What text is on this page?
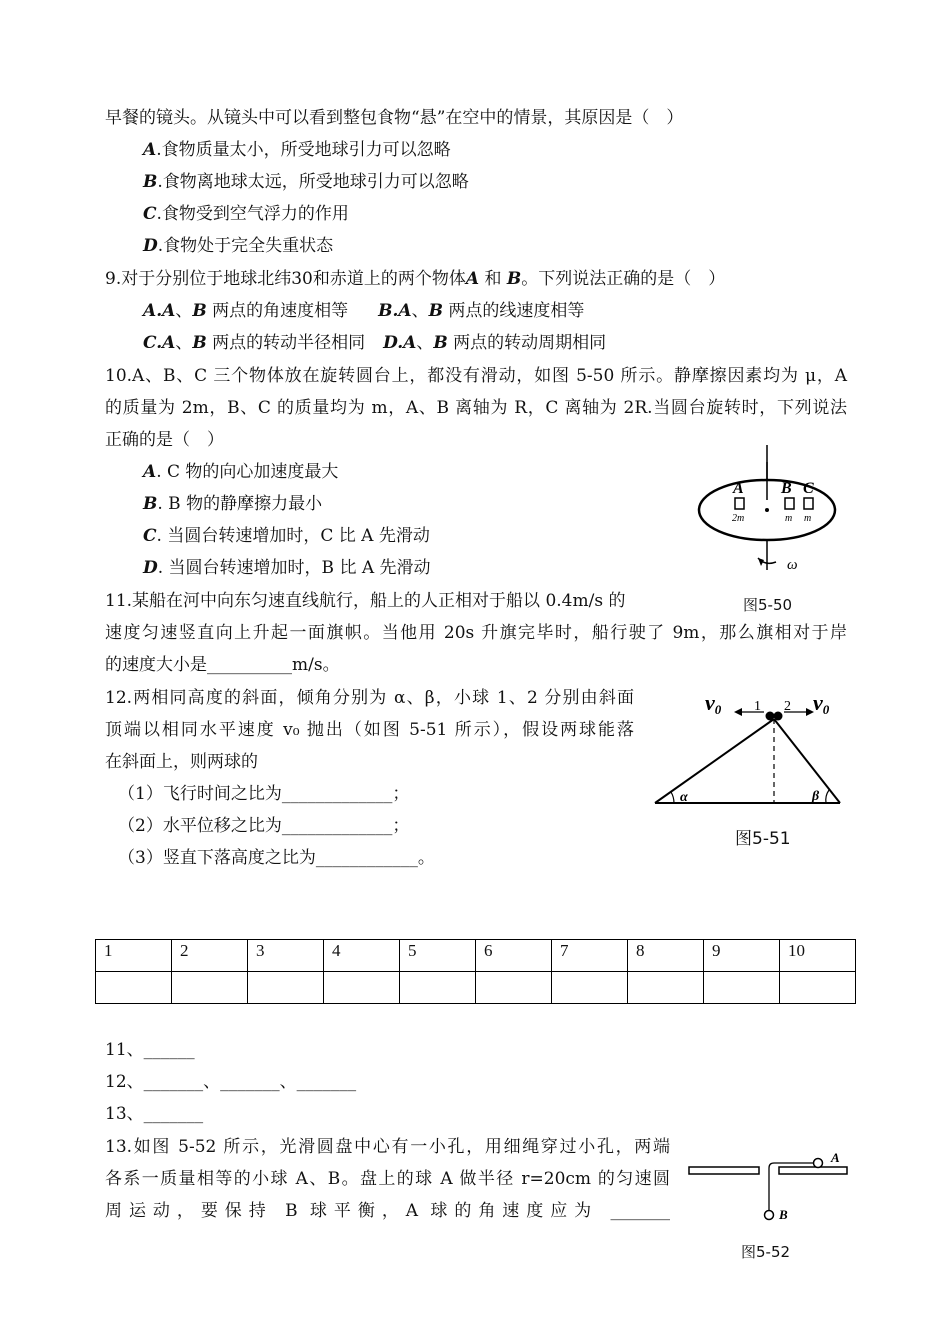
早餐的镜头。从镜头中可以看到整包食物“悬”在空中的情景，其原因是（　）
A.食物质量太小，所受地球引力可以忽略
B.食物离地球太远，所受地球引力可以忽略
C.食物受到空气浮力的作用
D.食物处于完全失重状态
9.对于分别位于地球北纬30和赤道上的两个物体A 和 B。下列说法正确的是（　）
A.A、B 两点的角速度相等 B.A、B 两点的线速度相等
C.A、B 两点的转动半径相同 D.A、B 两点的转动周期相同
10.A、B、C 三个物体放在旋转圆台上，都没有滑动，如图 5-50 所示。静摩擦因素均为 μ，A
的质量为 2m，B、C 的质量均为 m，A、B 离轴为 R，C 离轴为 2R.当圆台旋转时，下列说法
正确的是（　）
A. C 物的向心加速度最大
B. B 物的静摩擦力最小
C. 当圆台转速增加时，C 比 A 先滑动
D. 当圆台转速增加时，B 比 A 先滑动
A B C
2m	m m
ω
图5-50
11.某船在河中向东匀速直线航行，船上的人正相对于船以 0.4m/s 的
速度匀速竖直向上升起一面旗帜。当他用 20s 升旗完毕时，船行驶了 9m，那么旗相对于岸
的速度大小是__________m/s。
12.两相同高度的斜面，倾角分别为 α、β，小球 1、2 分别由斜面
顶端以相同水平速度 v₀ 抛出（如图 5-51 所示），假设两球能落
在斜面上，则两球的
（1）飞行时间之比为_____________；
（2）水平位移之比为_____________；
（3）竖直下落高度之比为____________。
1 2
v0	v0
α	β
图5-51
1	2	3	4	5	6	7	8	9	10

11、______
12、_______、_______、_______
13、_______
13.如图 5-52 所示，光滑圆盘中心有一小孔，用细绳穿过小孔，两端
各系一质量相等的小球 A、B。盘上的球 A 做半径 r=20cm 的匀速圆
周运动，要保持 B 球平衡，A 球的角速度应为 _______
A
B
图5-52
